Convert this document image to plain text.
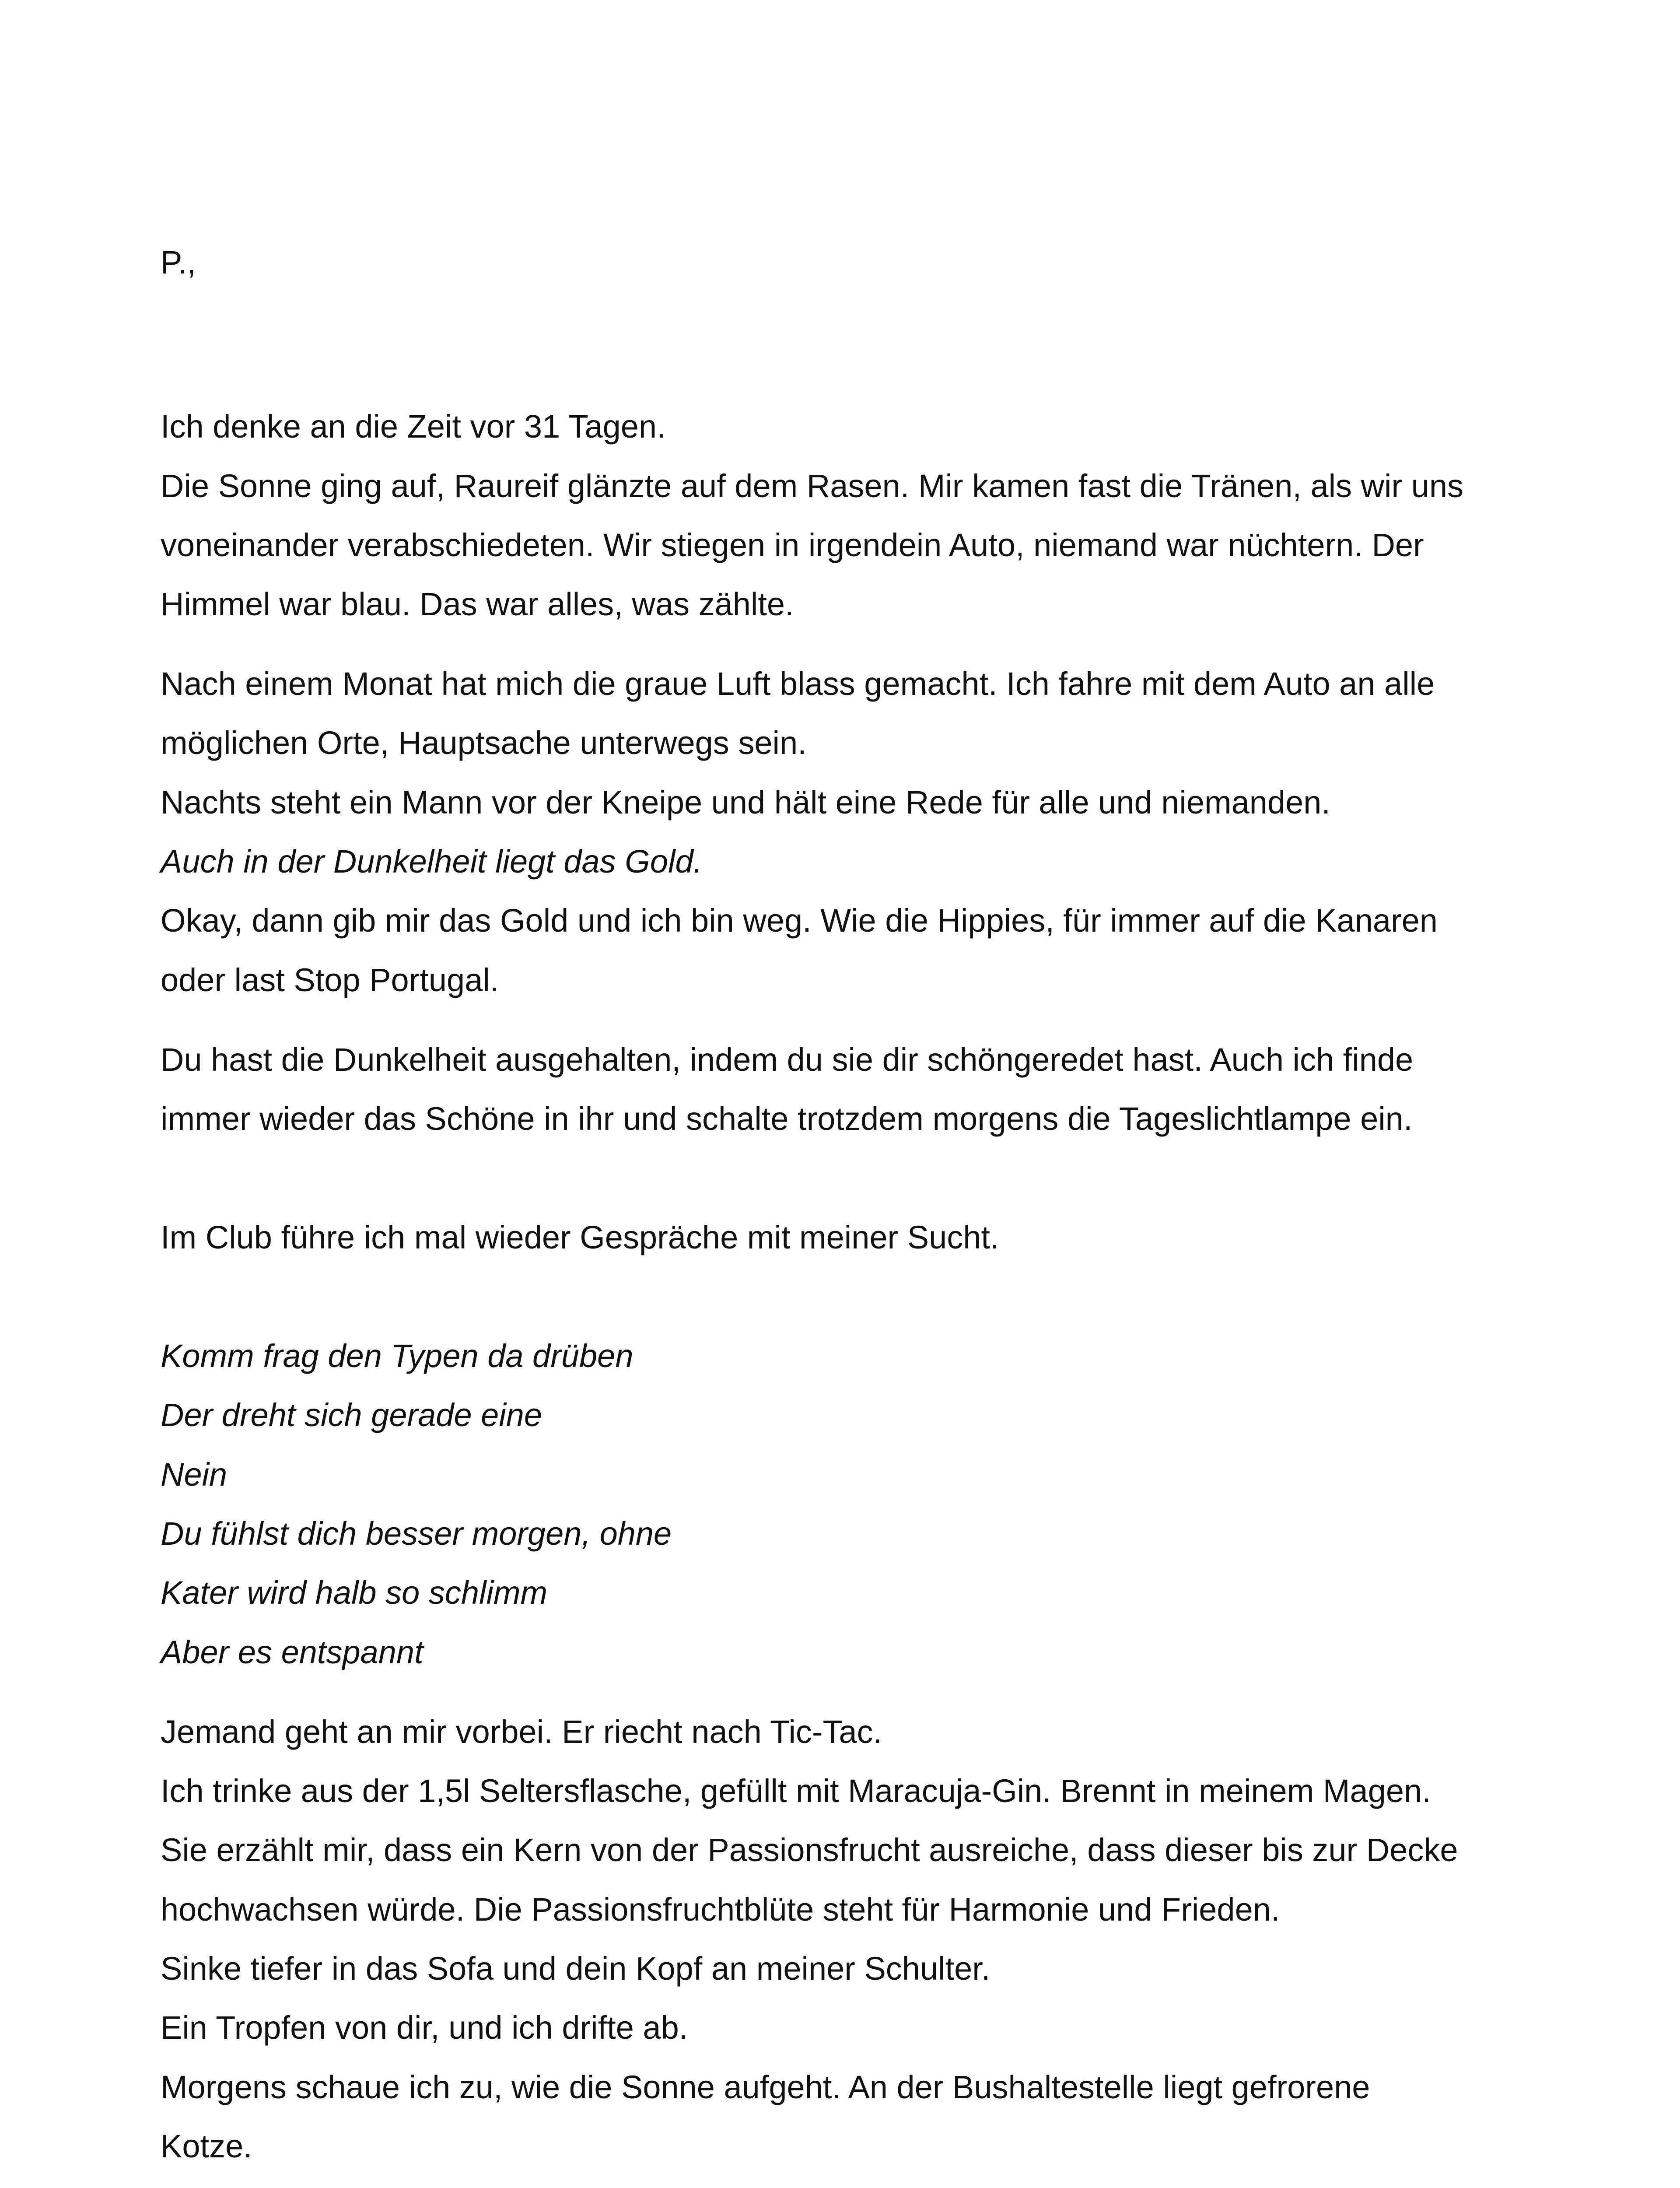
P.,

Ich denke an die Zeit vor 31 Tagen.

Die Sonne ging auf, Raureif glänzte auf dem Rasen. Mir kamen fast die Tränen, als wir uns

voneinander verabschiedeten. Wir stiegen in irgendein Auto, niemand war nüchtern. Der

Himmel war blau. Das war alles, was zählte.

Nach einem Monat hat mich die graue Luft blass gemacht. Ich fahre mit dem Auto an alle

möglichen Orte, Hauptsache unterwegs sein.

Nachts steht ein Mann vor der Kneipe und hält eine Rede für alle und niemanden.

Auch in der Dunkelheit liegt das Gold.

Okay, dann gib mir das Gold und ich bin weg. Wie die Hippies, für immer auf die Kanaren

oder last Stop Portugal.

Du hast die Dunkelheit ausgehalten, indem du sie dir schöngeredet hast. Auch ich finde

immer wieder das Schöne in ihr und schalte trotzdem morgens die Tageslichtlampe ein.

Im Club führe ich mal wieder Gespräche mit meiner Sucht.

Komm frag den Typen da drüben

Der dreht sich gerade eine

Nein

Du fühlst dich besser morgen, ohne

Kater wird halb so schlimm

Aber es entspannt

Jemand geht an mir vorbei. Er riecht nach Tic-Tac.

Ich trinke aus der 1,5l Seltersflasche, gefüllt mit Maracuja-Gin. Brennt in meinem Magen.

Sie erzählt mir, dass ein Kern von der Passionsfrucht ausreiche, dass dieser bis zur Decke

hochwachsen würde. Die Passionsfruchtblüte steht für Harmonie und Frieden.

Sinke tiefer in das Sofa und dein Kopf an meiner Schulter.

Ein Tropfen von dir, und ich drifte ab.

Morgens schaue ich zu, wie die Sonne aufgeht. An der Bushaltestelle liegt gefrorene

Kotze.
